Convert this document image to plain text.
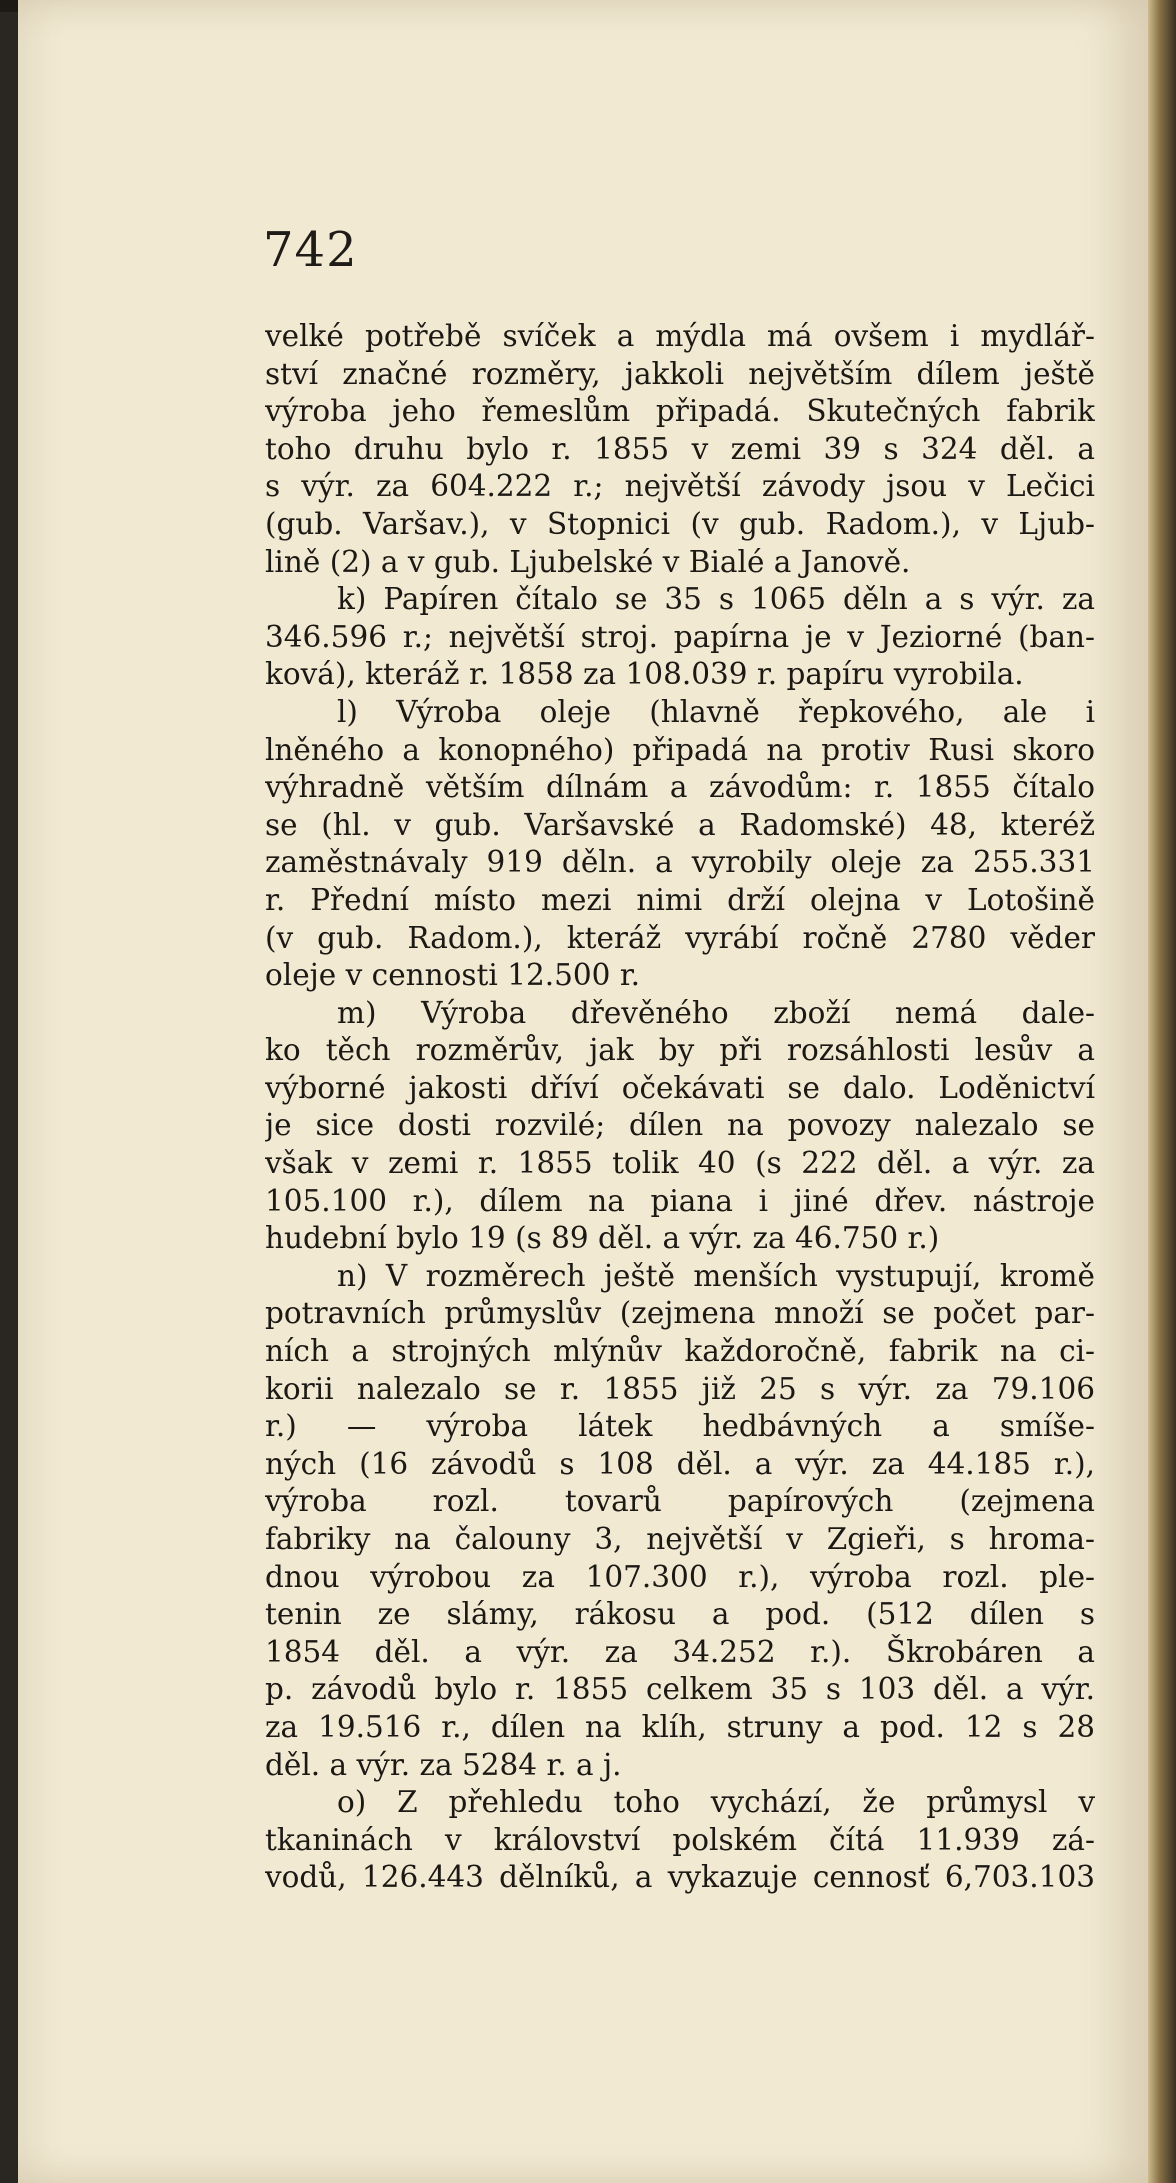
742
velké potřebě svíček a mýdla má ovšem i mydlář-
ství značné rozměry, jakkoli největším dílem ještě
výroba jeho řemeslům připadá. Skutečných fabrik
toho druhu bylo r. 1855 v zemi 39 s 324 děl. a
s výr. za 604.222 r.; největší závody jsou v Lečici
(gub. Varšav.), v Stopnici (v gub. Radom.), v Ljub-
lině (2) a v gub. Ljubelské v Bialé a Janově.
k) Papíren čítalo se 35 s 1065 děln a s výr. za
346.596 r.; největší stroj. papírna je v Jeziorné (ban-
ková), kteráž r. 1858 za 108.039 r. papíru vyrobila.
l) Výroba oleje (hlavně řepkového, ale i
lněného a konopného) připadá na protiv Rusi skoro
výhradně větším dílnám a závodům: r. 1855 čítalo
se (hl. v gub. Varšavské a Radomské) 48, kteréž
zaměstnávaly 919 děln. a vyrobily oleje za 255.331
r. Přední místo mezi nimi drží olejna v Lotošině
(v gub. Radom.), kteráž vyrábí ročně 2780 věder
oleje v cennosti 12.500 r.
m) Výroba dřevěného zboží nemá dale-
ko těch rozměrův, jak by při rozsáhlosti lesův a
výborné jakosti dříví očekávati se dalo. Loděnictví
je sice dosti rozvilé; dílen na povozy nalezalo se
však v zemi r. 1855 tolik 40 (s 222 děl. a výr. za
105.100 r.), dílem na piana i jiné dřev. nástroje
hudební bylo 19 (s 89 děl. a výr. za 46.750 r.)
n) V rozměrech ještě menších vystupují, kromě
potravních průmyslův (zejmena množí se počet par-
ních a strojných mlýnův každoročně, fabrik na ci-
korii nalezalo se r. 1855 již 25 s výr. za 79.106
r.) — výroba látek hedbávných a smíše-
ných (16 závodů s 108 děl. a výr. za 44.185 r.),
výroba rozl. tovarů papírových (zejmena
fabriky na čalouny 3, největší v Zgieři, s hroma-
dnou výrobou za 107.300 r.), výroba rozl. ple-
tenin ze slámy, rákosu a pod. (512 dílen s
1854 děl. a výr. za 34.252 r.). Škrobáren a
p. závodů bylo r. 1855 celkem 35 s 103 děl. a výr.
za 19.516 r., dílen na klíh, struny a pod. 12 s 28
děl. a výr. za 5284 r. a j.
o) Z přehledu toho vychází, že průmysl v
tkaninách v království polském čítá 11.939 zá-
vodů, 126.443 dělníků, a vykazuje cennosť 6,703.103
